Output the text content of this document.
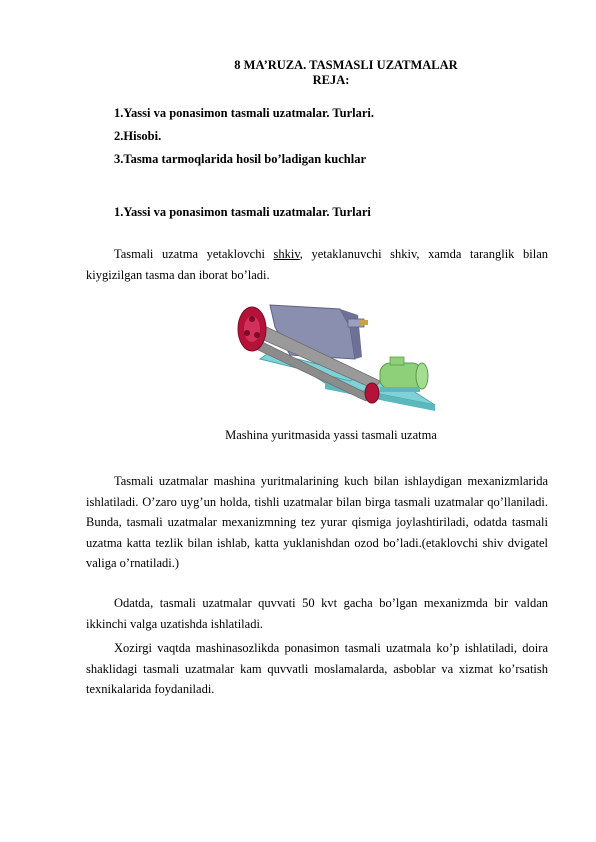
8 MA’RUZA. TASMASLI UZATMALAR
REJA:
1.Yassi va ponasimon tasmali uzatmalar. Turlari.
2.Hisobi.
3.Tasma tarmoqlarida hosil bo’ladigan kuchlar
1.Yassi va ponasimon tasmali uzatmalar. Turlari

Tasmali uzatma yetaklovchi shkiv, yetaklanuvchi shkiv, xamda taranglik bilan kiygizilgan tasma dan iborat bo’ladi.

Mashina yuritmasida yassi tasmali uzatma

Tasmali uzatmalar mashina yuritmalarining kuch bilan ishlaydigan mexanizmlarida ishlatiladi. O’zaro uyg’un holda, tishli uzatmalar bilan birga tasmali uzatmalar qo’llaniladi. Bunda, tasmali uzatmalar mexanizmning tez yurar qismiga joylashtiriladi, odatda tasmali uzatma katta tezlik bilan ishlab, katta yuklanishdan ozod bo’ladi.(etaklovchi shiv dvigatel valiga o’rnatiladi.)

Odatda, tasmali uzatmalar quvvati 50 kvt gacha bo’lgan mexanizmda bir valdan ikkinchi valga uzatishda ishlatiladi.

Xozirgi vaqtda mashinasozlikda ponasimon tasmali uzatmala ko’p ishlatiladi, doira shaklidagi tasmali uzatmalar kam quvvatli moslamalarda, asboblar va xizmat ko’rsatish texnikalarida foydaniladi.
